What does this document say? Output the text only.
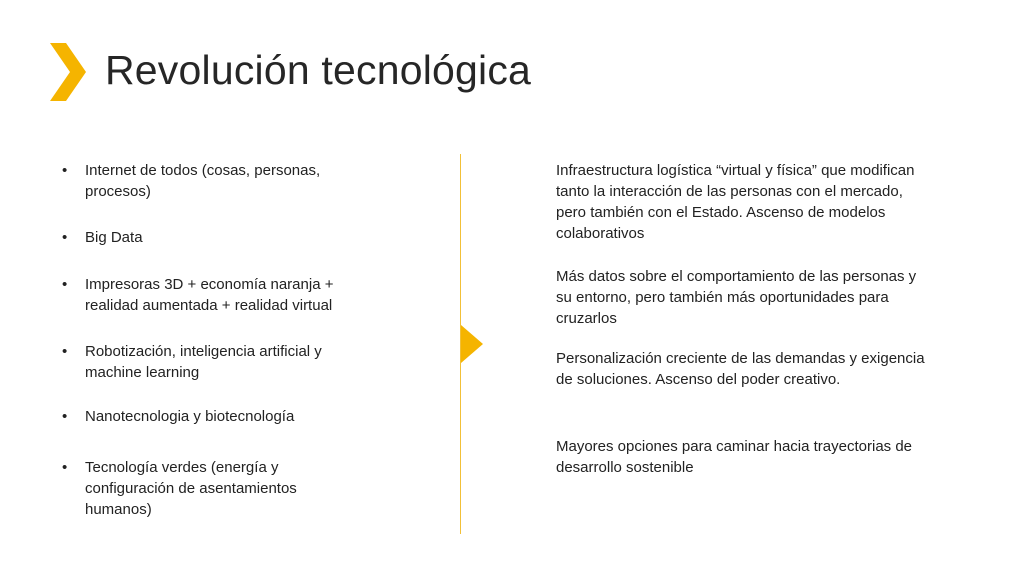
Revolución tecnológica
• Internet de todos (cosas, personas, procesos)
• Big Data
• Impresoras 3D + economía naranja + realidad aumentada + realidad virtual
• Robotización, inteligencia artificial y machine learning
• Nanotecnologia y biotecnología
• Tecnología verdes (energía y configuración de asentamientos humanos)

Infraestructura logística “virtual y física” que modifican tanto la interacción de las personas con el mercado, pero también con el Estado. Ascenso de modelos colaborativos

Más datos sobre el comportamiento de las personas y su entorno, pero también más oportunidades para cruzarlos

Personalización creciente de las demandas y exigencia de soluciones. Ascenso del poder creativo.

Mayores opciones para caminar hacia trayectorias de desarrollo sostenible
